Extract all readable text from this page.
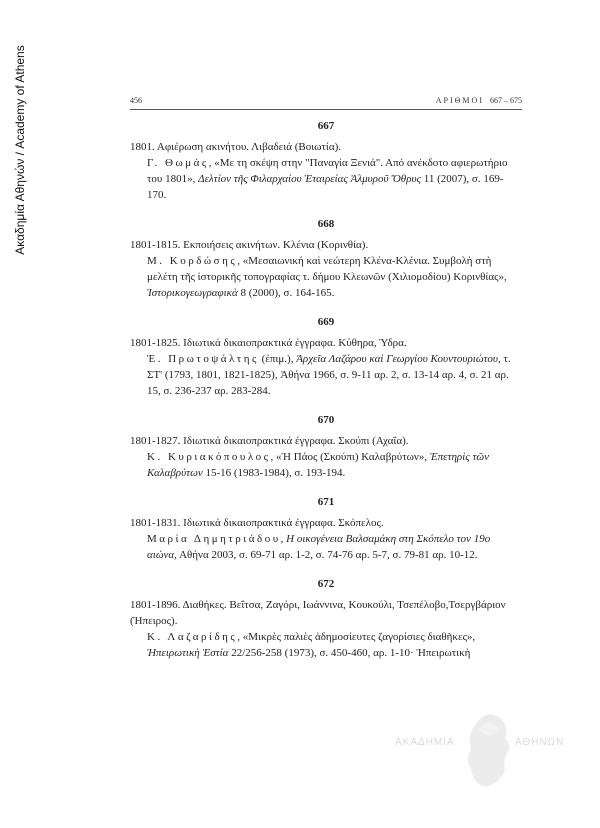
Ακαδημία Αθηνών / Academy of Athens	456	ΑΡΙΘΜΟΙ 667 – 675

667

1801. Αφιέρωση ακινήτου. Λιβαδειά (Βοιωτία).

Γ. Θωμάς, «Με τη σκέψη στην "Παναγία Ξενιά". Από ανέκδοτο αφιερωτήριο του 1801», Δελτίον τῆς Φιλαρχαίου Ἑταιρείας Ἁλμυροῦ Ὄθρυς 11 (2007), σ. 169-170.

668

1801-1815. Εκποιήσεις ακινήτων. Κλένια (Κορινθία).

Μ. Κορδώσης, «Μεσαιωνική καὶ νεώτερη Κλένα-Κλένια. Συμβολὴ στὴ μελέτη τῆς ἱστορικῆς τοπογραφίας τ. δήμου Κλεωνῶν (Χιλιομοδίου) Κορινθίας», Ἱστορικογεωγραφικὰ 8 (2000), σ. 164-165.

669

1801-1825. Ιδιωτικά δικαιοπρακτικά έγγραφα. Κύθηρα, Ύδρα.

Ἐ. Πρωτοψάλτης (ἐπιμ.), Ἀρχεῖα Λαζάρου καὶ Γεωργίου Κουντουριώτου, τ. ΣΤ' (1793, 1801, 1821-1825), Ἀθήνα 1966, σ. 9-11 αρ. 2, σ. 13-14 αρ. 4, σ. 21 αρ. 15, σ. 236-237 αρ. 283-284.

670

1801-1827. Ιδιωτικά δικαιοπρακτικά έγγραφα. Σκούπι (Αχαΐα).

Κ. Κυριακόπουλος, «Ἡ Πάος (Σκούπι) Καλαβρύτων», Ἐπετηρὶς τῶν Καλαβρύτων 15-16 (1983-1984), σ. 193-194.

671

1801-1831. Ιδιωτικά δικαιοπρακτικά έγγραφα. Σκόπελος.

Μαρία Δημητριάδου, Η οικογένεια Βαλσαμάκη στη Σκόπελο τον 19ο αιώνα, Αθήνα 2003, σ. 69-71 αρ. 1-2, σ. 74-76 αρ. 5-7, σ. 79-81 αρ. 10-12.

672

1801-1896. Διαθήκες. Βεΐτσα, Ζαγόρι, Ιωάννινα, Κουκούλι, Τσεπέλοβο,Τσεργβάριον (Ήπειρος).

Κ. Λαζαρίδης, «Μικρὲς παλιὲς ἀδημοσίευτες ζαγορίσιες διαθῆκες», Ἠπειρωτικὴ Ἑστία 22/256-258 (1973), σ. 450-460, αρ. 1-10· Ἠπειρωτικὴ

ΑΚΑΔΗΜΙΑ	ΑΘΗΝΩΝ
